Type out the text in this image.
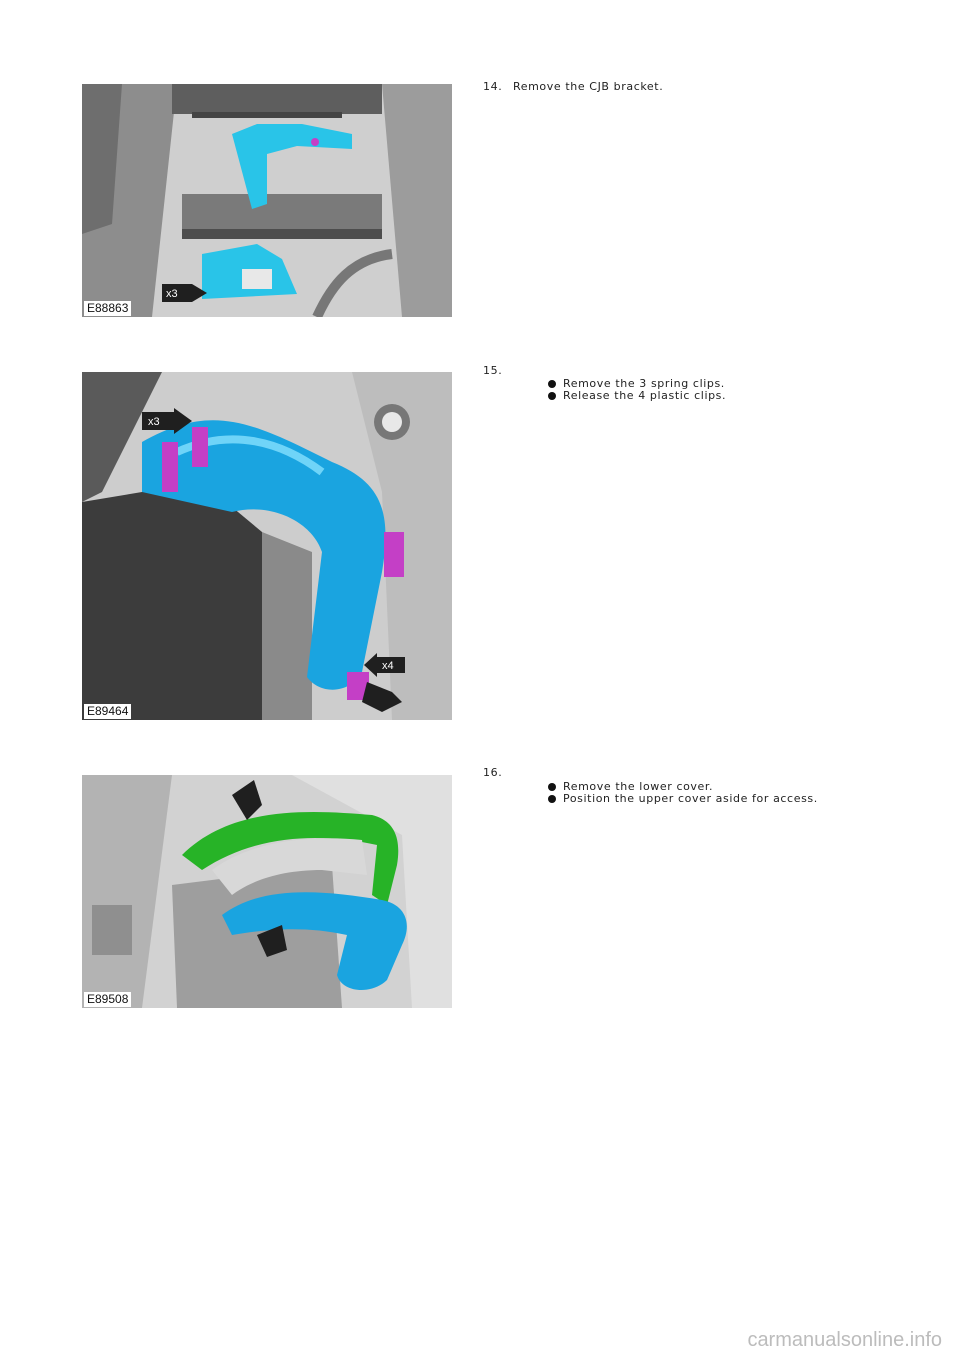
x3
E88863
14. Remove the CJB bracket.
x3
x4
E89464
15.
Remove the 3 spring clips.
Release the 4 plastic clips.
E89508
16.
Remove the lower cover.
Position the upper cover aside for access.
carmanualsonline.info
